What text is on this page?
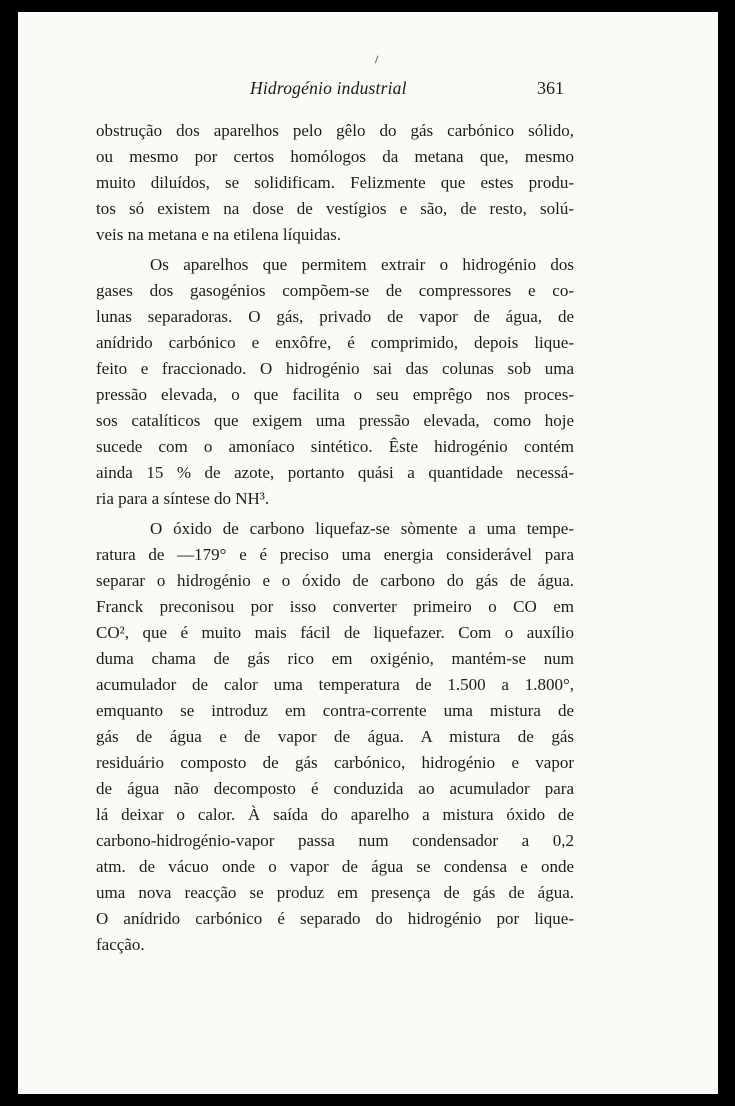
Hidrogénio industrial	361
obstrução dos aparelhos pelo gêlo do gás carbónico sólido,
ou mesmo por certos homólogos da metana que, mesmo
muito diluídos, se solidificam. Felizmente que estes produ-
tos só existem na dose de vestígios e são, de resto, solú-
veis na metana e na etilena líquidas.
Os aparelhos que permitem extrair o hidrogénio dos
gases dos gasogénios compõem-se de compressores e co-
lunas separadoras. O gás, privado de vapor de água, de
anídrido carbónico e enxôfre, é comprimido, depois lique-
feito e fraccionado. O hidrogénio sai das colunas sob uma
pressão elevada, o que facilita o seu emprêgo nos proces-
sos catalíticos que exigem uma pressão elevada, como hoje
sucede com o amoníaco sintético. Êste hidrogénio contém
ainda 15 % de azote, portanto quási a quantidade necessá-
ria para a síntese do NH³.
O óxido de carbono liquefaz-se sòmente a uma tempe-
ratura de —179° e é preciso uma energia considerável para
separar o hidrogénio e o óxido de carbono do gás de água.
Franck preconisou por isso converter primeiro o CO em
CO², que é muito mais fácil de liquefazer. Com o auxílio
duma chama de gás rico em oxigénio, mantém-se num
acumulador de calor uma temperatura de 1.500 a 1.800°,
emquanto se introduz em contra-corrente uma mistura de
gás de água e de vapor de água. A mistura de gás
residuário composto de gás carbónico, hidrogénio e vapor
de água não decomposto é conduzida ao acumulador para
lá deixar o calor. À saída do aparelho a mistura óxido de
carbono-hidrogénio-vapor passa num condensador a 0,2
atm. de vácuo onde o vapor de água se condensa e onde
uma nova reacção se produz em presença de gás de água.
O anídrido carbónico é separado do hidrogénio por lique-
facção.
